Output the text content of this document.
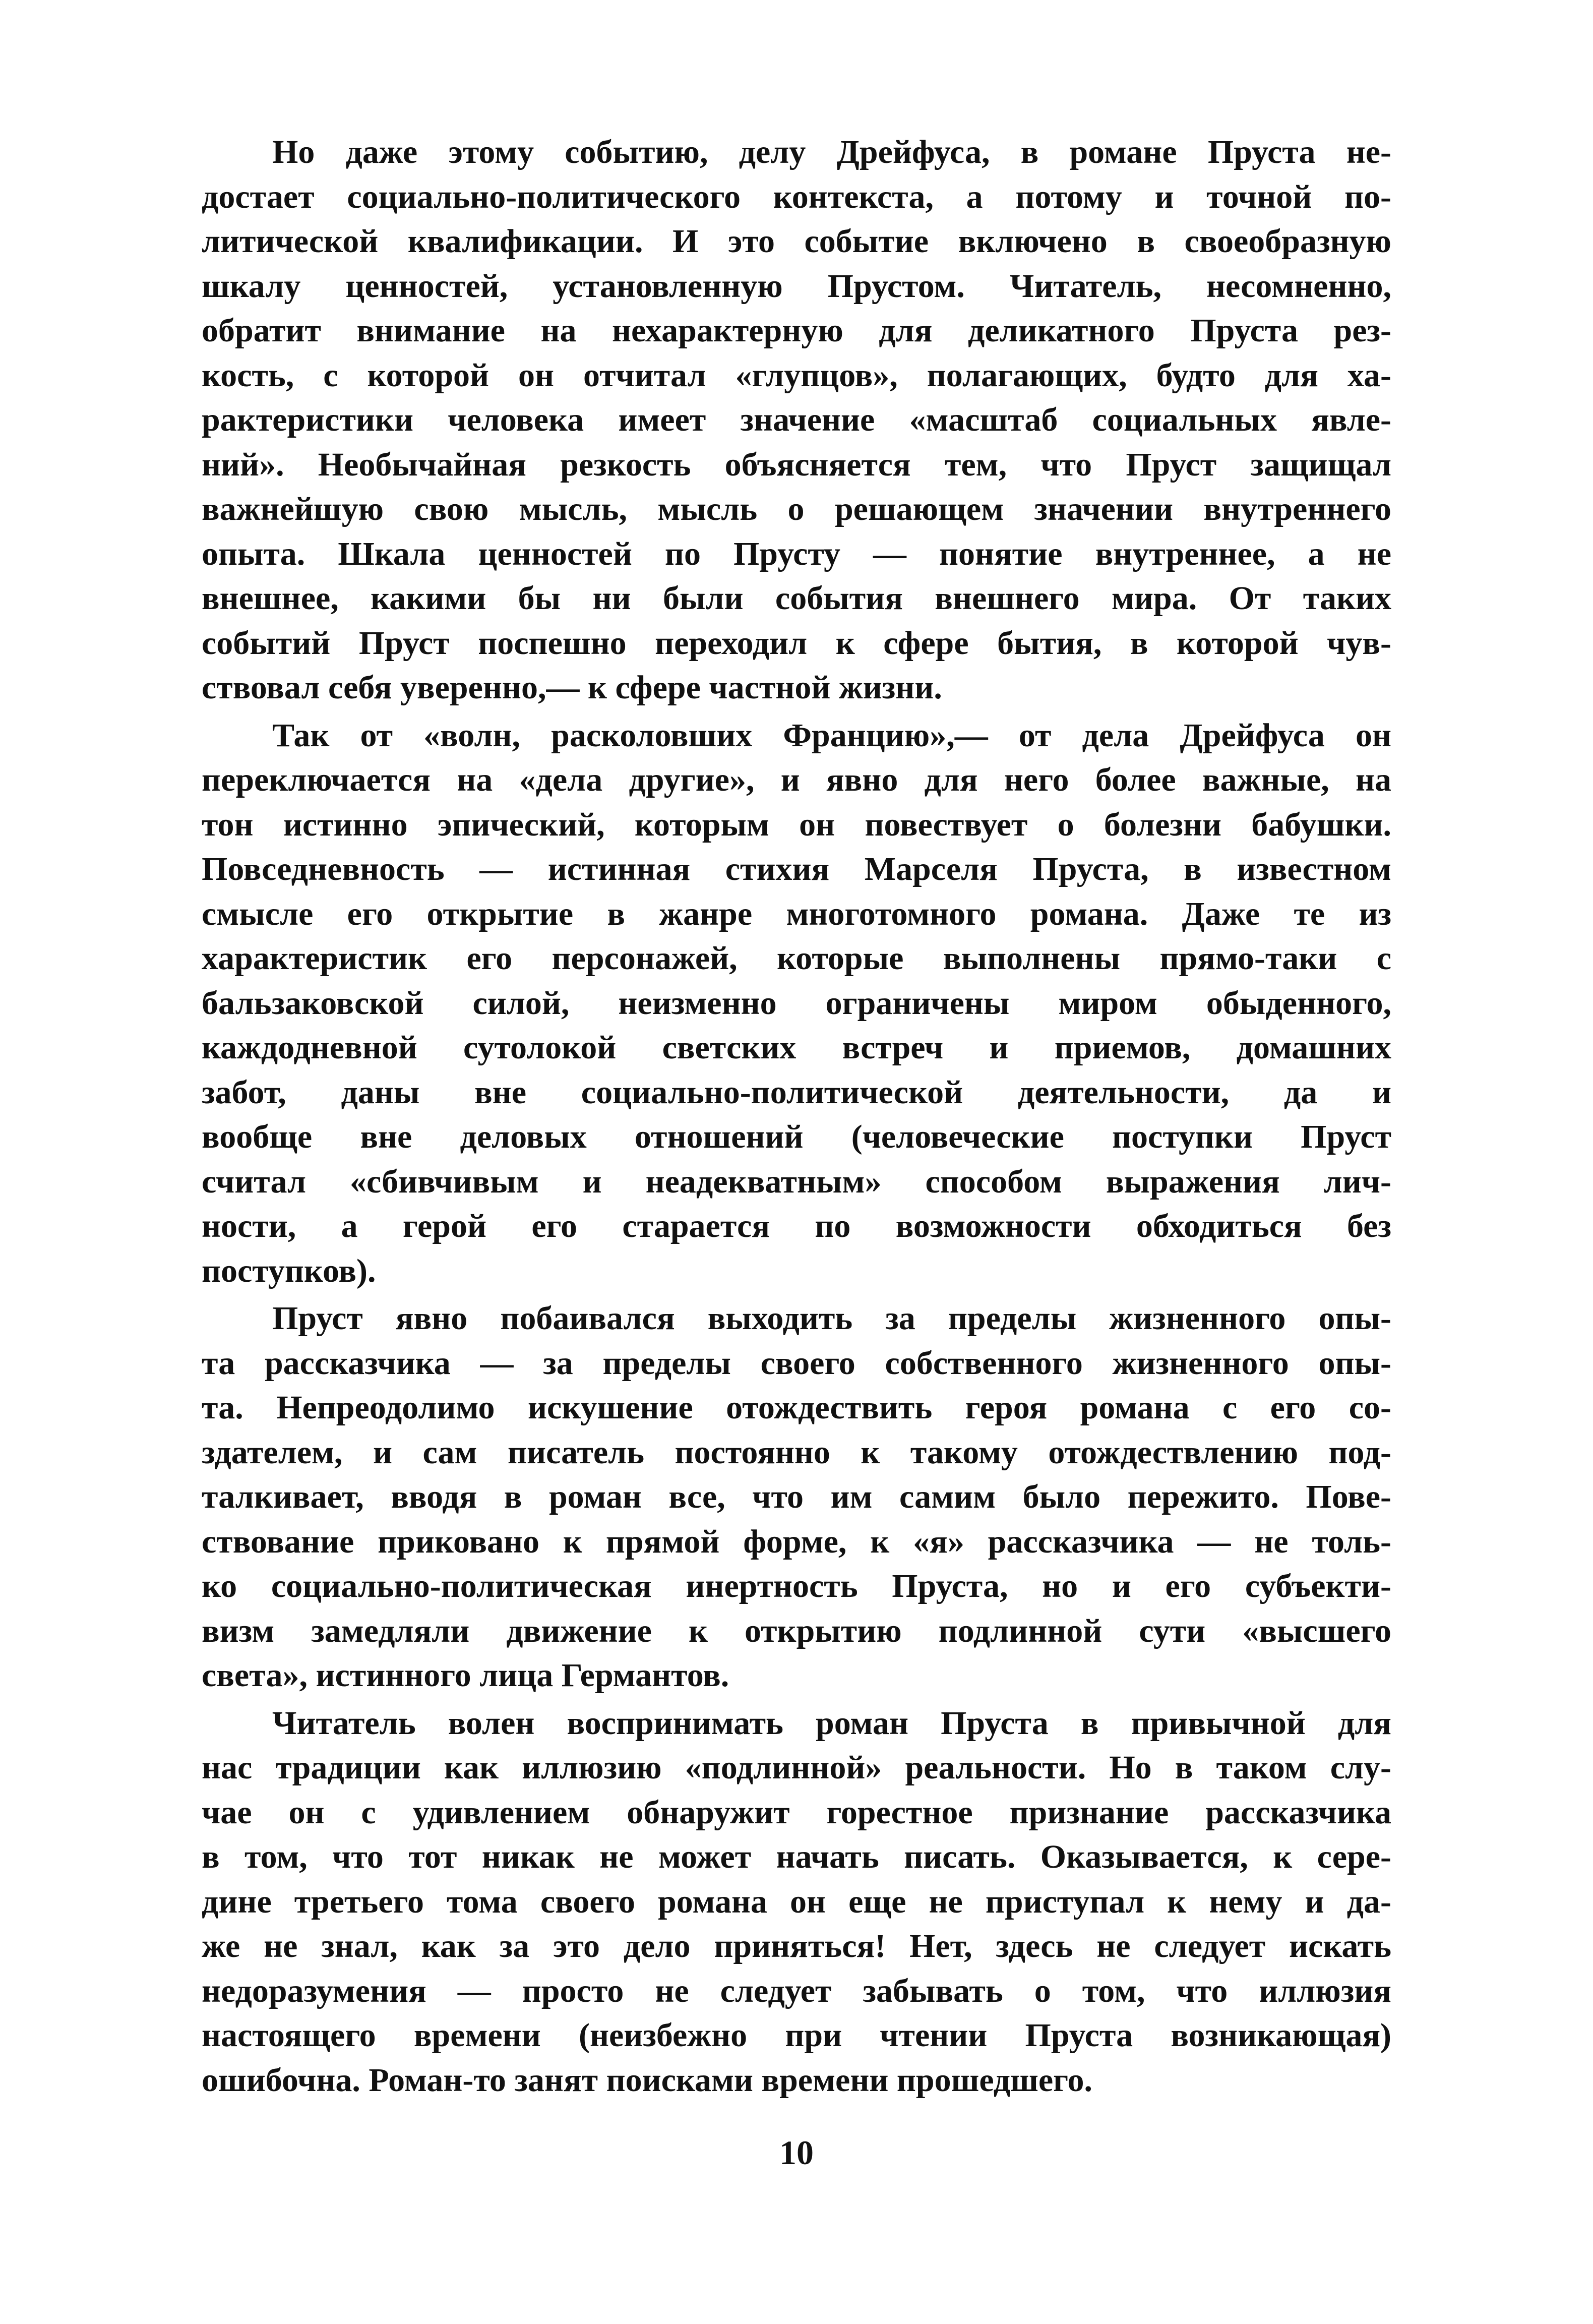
Но даже этому событию, делу Дрейфуса, в романе Пруста не-
достает социально-политического контекста, а потому и точной по-
литической квалификации. И это событие включено в своеобразную
шкалу ценностей, установленную Прустом. Читатель, несомненно,
обратит внимание на нехарактерную для деликатного Пруста рез-
кость, с которой он отчитал «глупцов», полагающих, будто для ха-
рактеристики человека имеет значение «масштаб социальных явле-
ний». Необычайная резкость объясняется тем, что Пруст защищал
важнейшую свою мысль, мысль о решающем значении внутреннего
опыта. Шкала ценностей по Прусту — понятие внутреннее, а не
внешнее, какими бы ни были события внешнего мира. От таких
событий Пруст поспешно переходил к сфере бытия, в которой чув-
ствовал себя уверенно,— к сфере частной жизни.
Так от «волн, расколовших Францию»,— от дела Дрейфуса он
переключается на «дела другие», и явно для него более важные, на
тон истинно эпический, которым он повествует о болезни бабушки.
Повседневность — истинная стихия Марселя Пруста, в известном
смысле его открытие в жанре многотомного романа. Даже те из
характеристик его персонажей, которые выполнены прямо-таки с
бальзаковской силой, неизменно ограничены миром обыденного,
каждодневной сутолокой светских встреч и приемов, домашних
забот, даны вне социально-политической деятельности, да и
вообще вне деловых отношений (человеческие поступки Пруст
считал «сбивчивым и неадекватным» способом выражения лич-
ности, а герой его старается по возможности обходиться без
поступков).
Пруст явно побаивался выходить за пределы жизненного опы-
та рассказчика — за пределы своего собственного жизненного опы-
та. Непреодолимо искушение отождествить героя романа с его со-
здателем, и сам писатель постоянно к такому отождествлению под-
талкивает, вводя в роман все, что им самим было пережито. Пове-
ствование приковано к прямой форме, к «я» рассказчика — не толь-
ко социально-политическая инертность Пруста, но и его субъекти-
визм замедляли движение к открытию подлинной сути «высшего
света», истинного лица Германтов.
Читатель волен воспринимать роман Пруста в привычной для
нас традиции как иллюзию «подлинной» реальности. Но в таком слу-
чае он с удивлением обнаружит горестное признание рассказчика
в том, что тот никак не может начать писать. Оказывается, к сере-
дине третьего тома своего романа он еще не приступал к нему и да-
же не знал, как за это дело приняться! Нет, здесь не следует искать
недоразумения — просто не следует забывать о том, что иллюзия
настоящего времени (неизбежно при чтении Пруста возникающая)
ошибочна. Роман-то занят поисками времени прошедшего.
10
